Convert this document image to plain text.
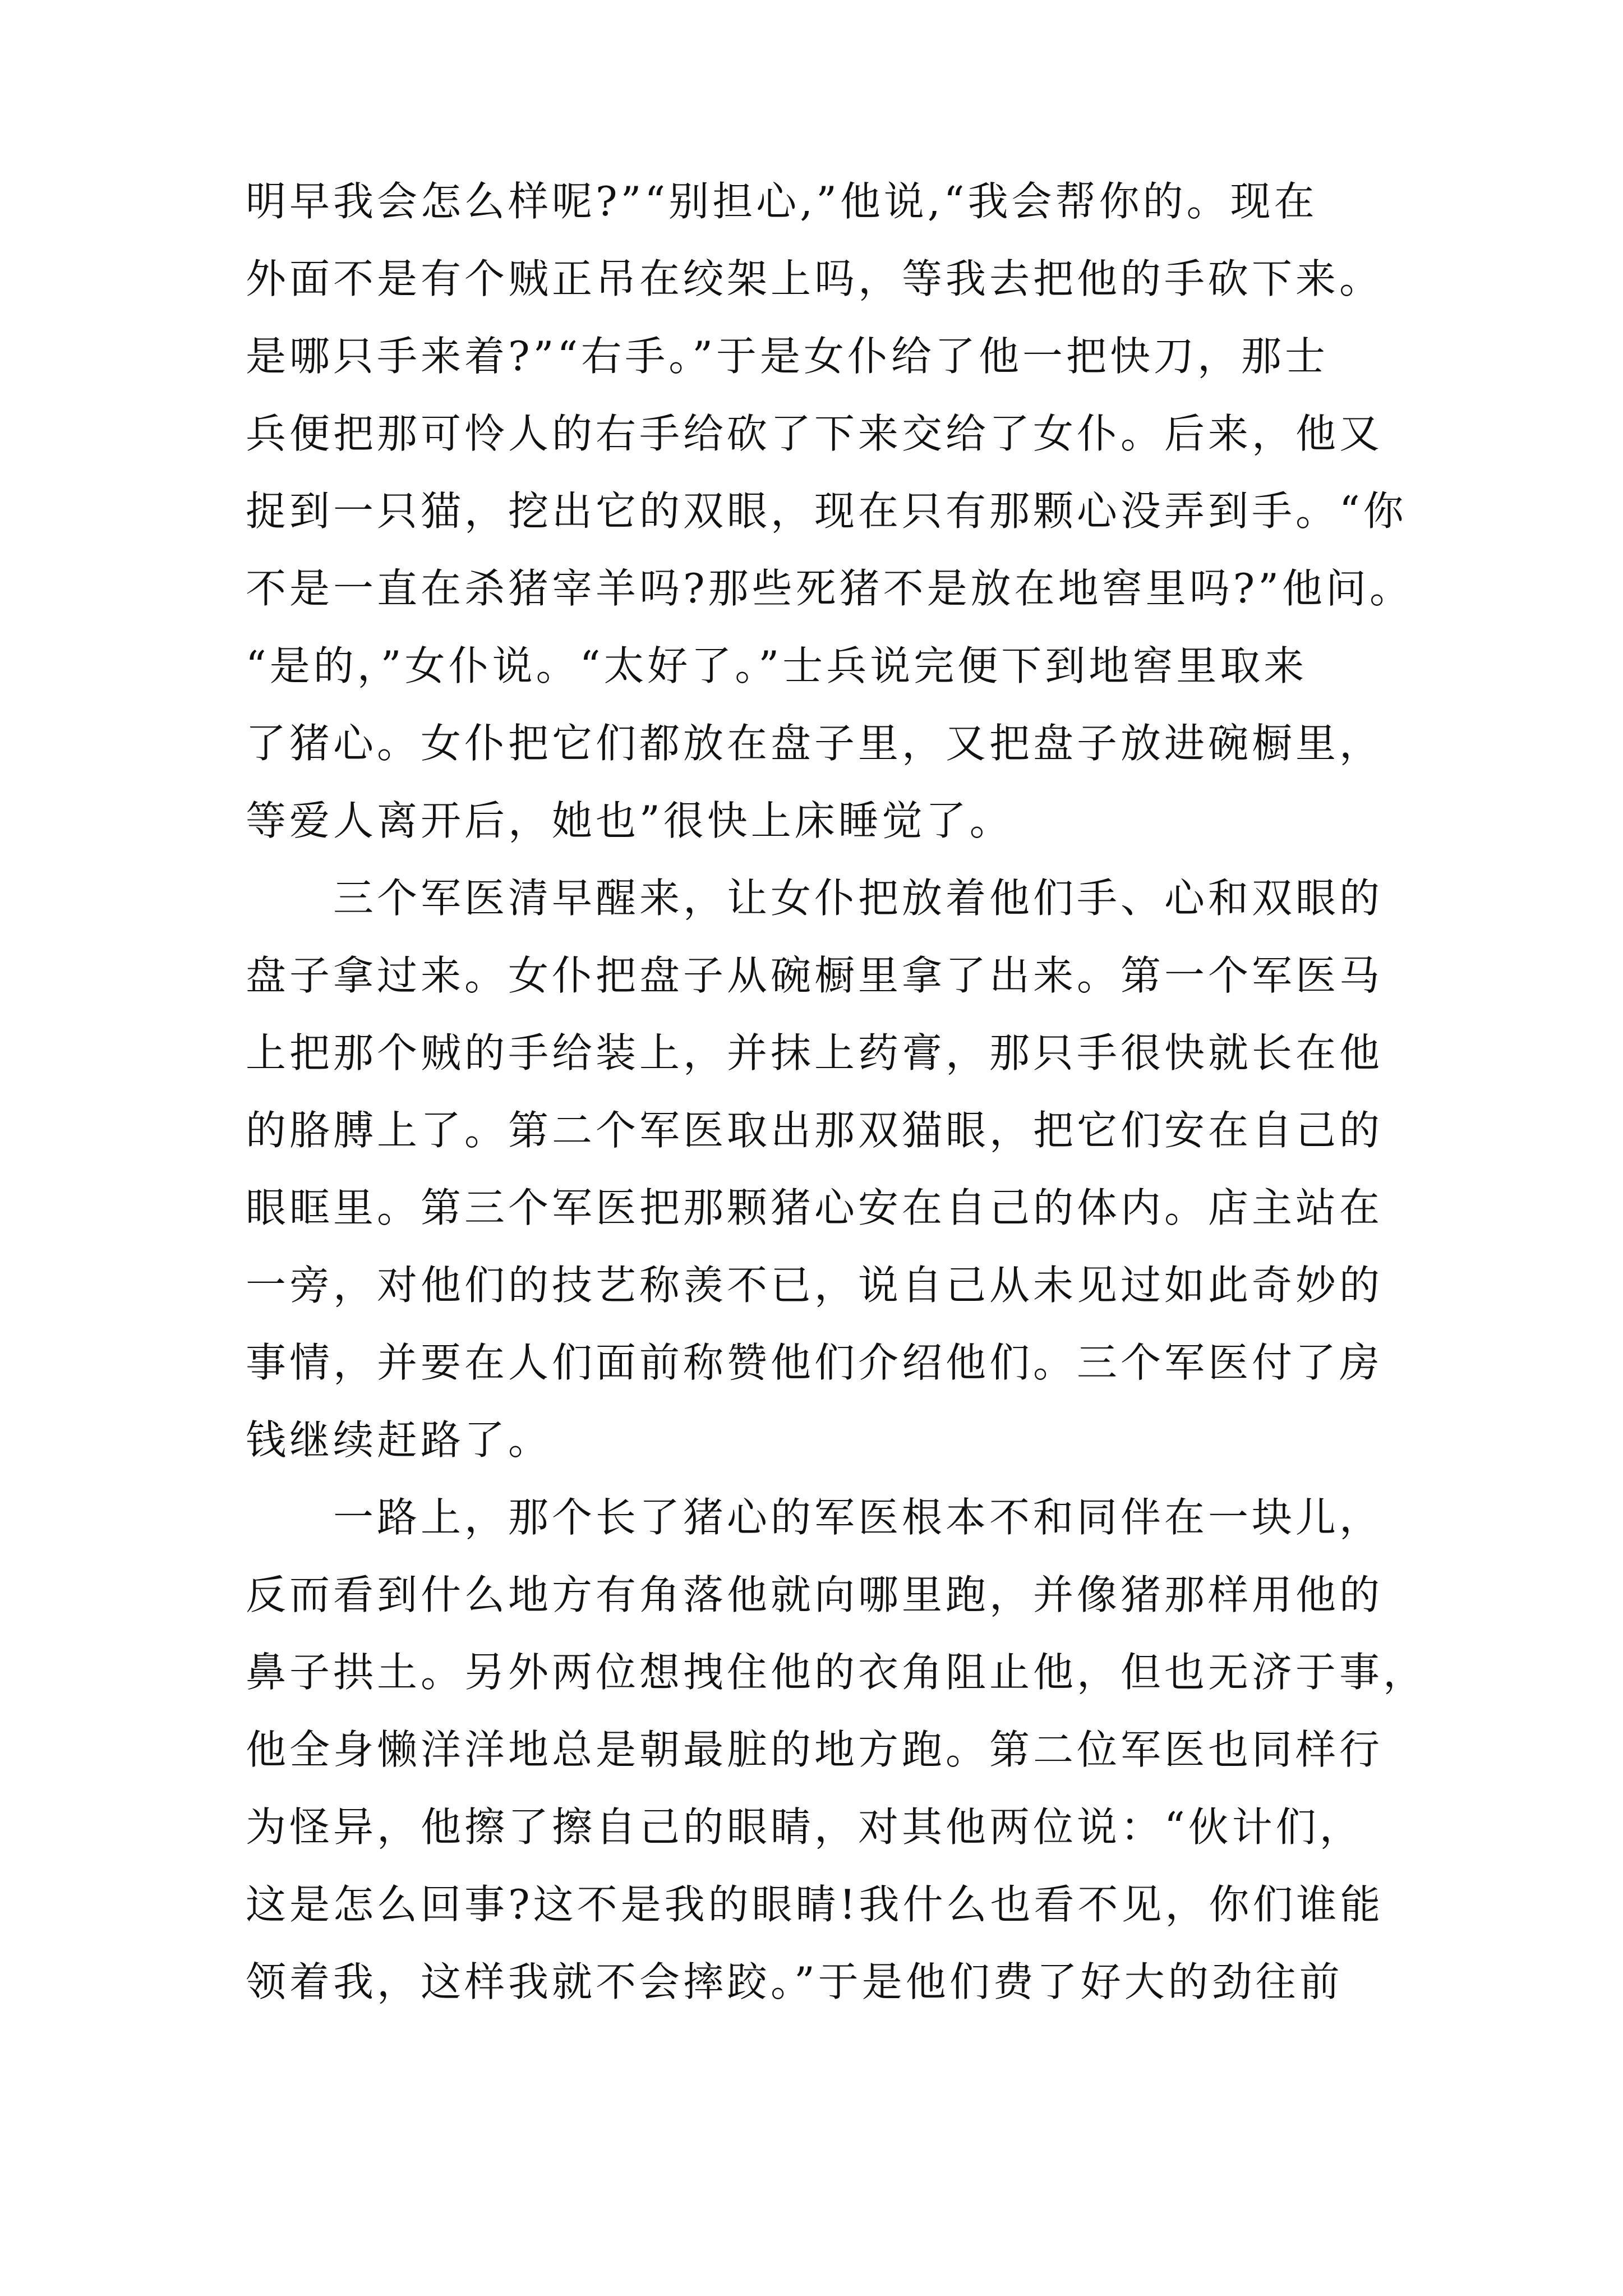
明早我会怎么样呢?”“别担心,”他说,“我会帮你的。现在
外面不是有个贼正吊在绞架上吗，等我去把他的手砍下来。
是哪只手来着?”“右手。”于是女仆给了他一把快刀，那士
兵便把那可怜人的右手给砍了下来交给了女仆。后来，他又
捉到一只猫，挖出它的双眼，现在只有那颗心没弄到手。“你
不是一直在杀猪宰羊吗?那些死猪不是放在地窖里吗?”他问。
“是的，”女仆说。“太好了。”士兵说完便下到地窖里取来
了猪心。女仆把它们都放在盘子里，又把盘子放进碗橱里，
等爱人离开后，她也”很快上床睡觉了。
三个军医清早醒来，让女仆把放着他们手、心和双眼的
盘子拿过来。女仆把盘子从碗橱里拿了出来。第一个军医马
上把那个贼的手给装上，并抹上药膏，那只手很快就长在他
的胳膊上了。第二个军医取出那双猫眼，把它们安在自己的
眼眶里。第三个军医把那颗猪心安在自己的体内。店主站在
一旁，对他们的技艺称羡不已，说自己从未见过如此奇妙的
事情，并要在人们面前称赞他们介绍他们。三个军医付了房
钱继续赶路了。
一路上，那个长了猪心的军医根本不和同伴在一块儿，
反而看到什么地方有角落他就向哪里跑，并像猪那样用他的
鼻子拱土。另外两位想拽住他的衣角阻止他，但也无济于事，
他全身懒洋洋地总是朝最脏的地方跑。第二位军医也同样行
为怪异，他擦了擦自己的眼睛，对其他两位说：“伙计们，
这是怎么回事?这不是我的眼睛!我什么也看不见，你们谁能
领着我，这样我就不会摔跤。”于是他们费了好大的劲往前
